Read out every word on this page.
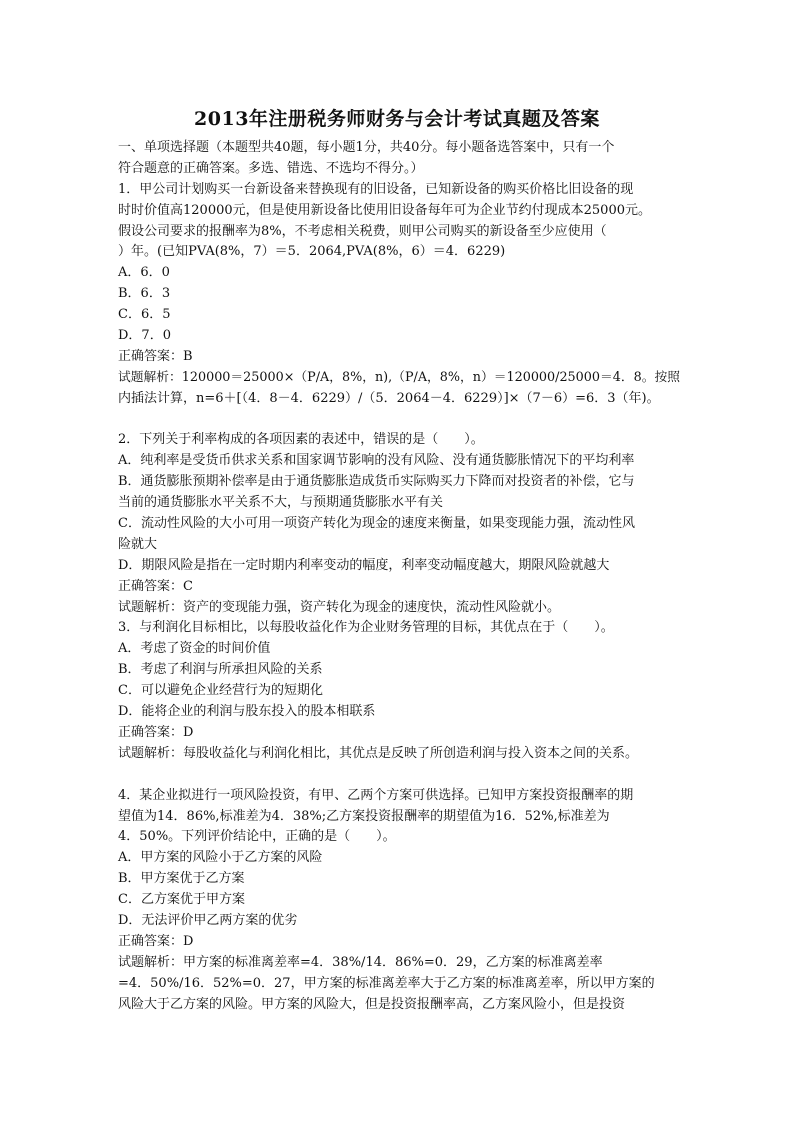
2013年注册税务师财务与会计考试真题及答案
一、单项选择题（本题型共40题，每小题1分，共40分。每小题备选答案中，只有一个
符合题意的正确答案。多选、错选、不选均不得分。）
1．甲公司计划购买一台新设备来替换现有的旧设备，已知新设备的购买价格比旧设备的现
时时价值高120000元，但是使用新设备比使用旧设备每年可为企业节约付现成本25000元。
假设公司要求的报酬率为8%，不考虑相关税费，则甲公司购买的新设备至少应使用（
）年。(已知PVA(8%，7）＝5．2064,PVA(8%，6）＝4．6229)
A．6．0
B．6．3
C．6．5
D．7．0
正确答案：B
试题解析：120000＝25000×（P/A，8%，n),（P/A，8%，n）＝120000/25000＝4．8。按照
内插法计算，n=6＋[（4．8－4．6229）/（5．2064－4．6229）]×（7－6）=6．3（年)。
2．下列关于利率构成的各项因素的表述中，错误的是（　　）。
A．纯利率是受货币供求关系和国家调节影响的没有风险、没有通货膨胀情况下的平均利率
B．通货膨胀预期补偿率是由于通货膨胀造成货币实际购买力下降而对投资者的补偿，它与
当前的通货膨胀水平关系不大，与预期通货膨胀水平有关
C．流动性风险的大小可用一项资产转化为现金的速度来衡量，如果变现能力强，流动性风
险就大
D．期限风险是指在一定时期内利率变动的幅度，利率变动幅度越大，期限风险就越大
正确答案：C
试题解析：资产的变现能力强，资产转化为现金的速度快，流动性风险就小。
3．与利润化目标相比，以每股收益化作为企业财务管理的目标，其优点在于（　　）。
A．考虑了资金的时间价值
B．考虑了利润与所承担风险的关系
C．可以避免企业经营行为的短期化
D．能将企业的利润与股东投入的股本相联系
正确答案：D
试题解析：每股收益化与利润化相比，其优点是反映了所创造利润与投入资本之间的关系。
4．某企业拟进行一项风险投资，有甲、乙两个方案可供选择。已知甲方案投资报酬率的期
望值为14．86%,标准差为4．38%;乙方案投资报酬率的期望值为16．52%,标准差为
4．50%。下列评价结论中，正确的是（　　）。
A．甲方案的风险小于乙方案的风险
B．甲方案优于乙方案
C．乙方案优于甲方案
D．无法评价甲乙两方案的优劣
正确答案：D
试题解析：甲方案的标准离差率=4．38%/14．86%=0．29，乙方案的标准离差率
=4．50%/16．52%=0．27，甲方案的标准离差率大于乙方案的标准离差率，所以甲方案的
风险大于乙方案的风险。甲方案的风险大，但是投资报酬率高，乙方案风险小，但是投资
